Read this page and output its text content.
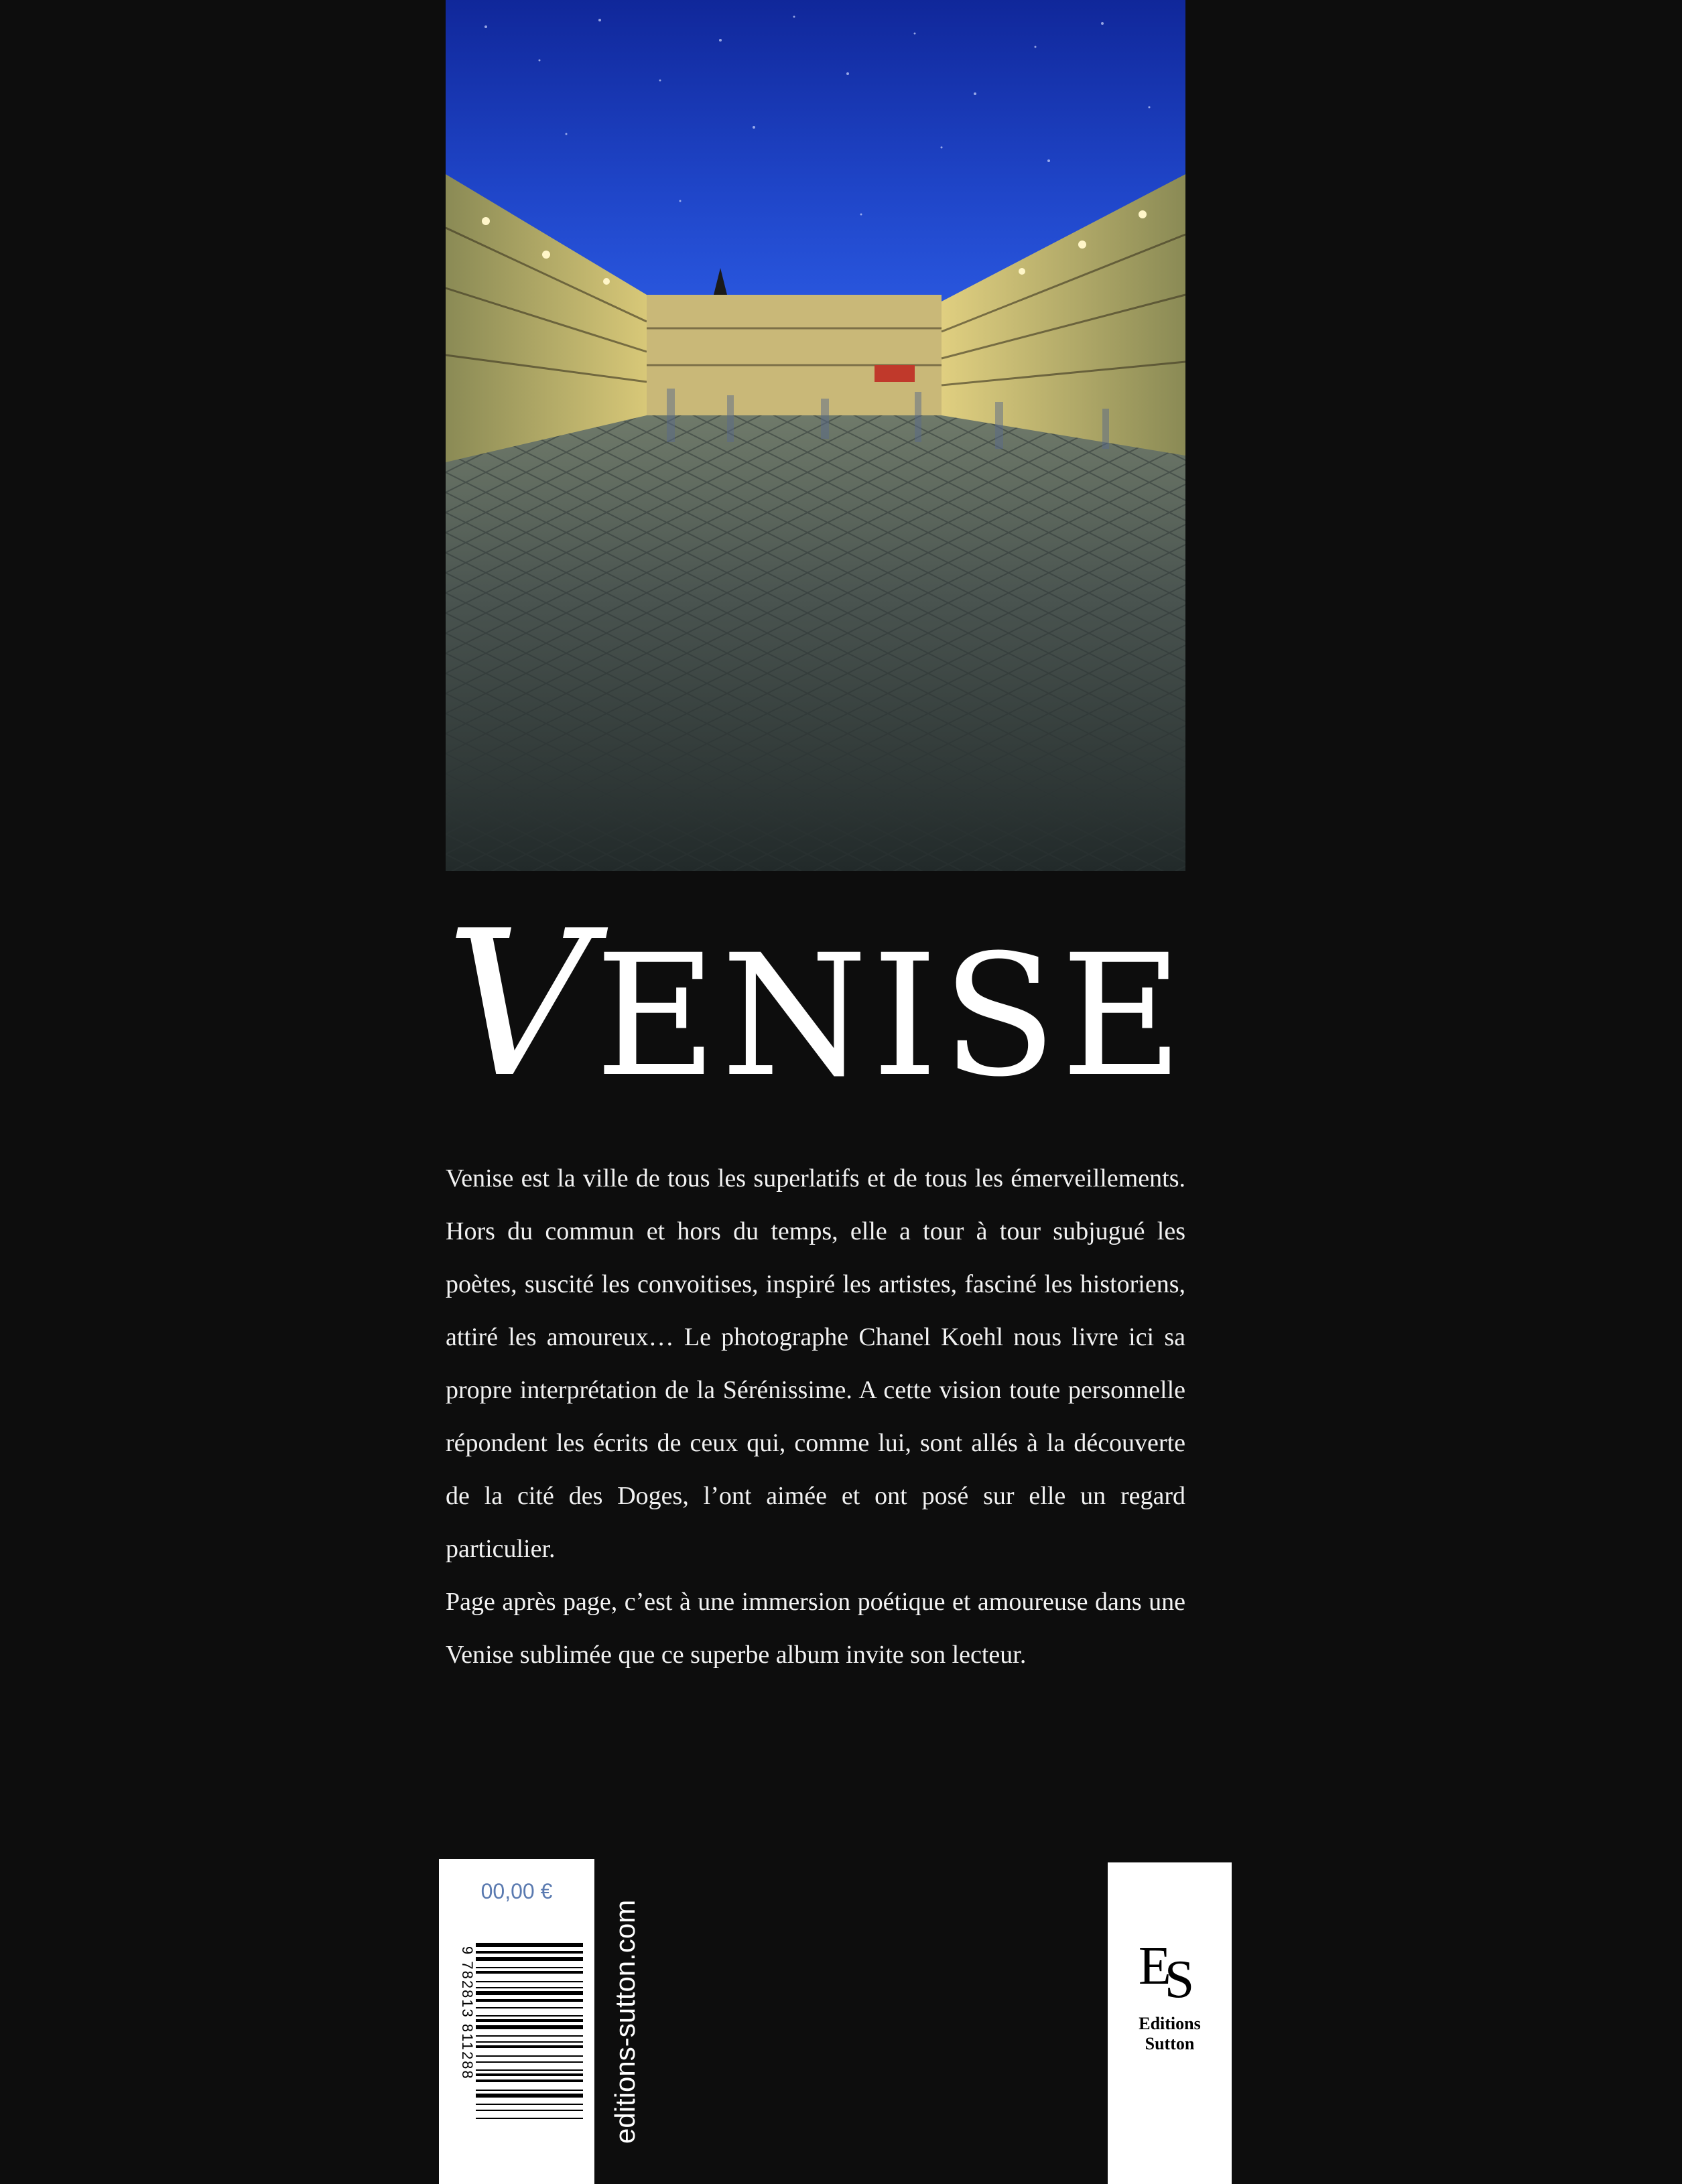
VENISE

Venise est la ville de tous les superlatifs et de tous les émerveillements. Hors du commun et hors du temps, elle a tour à tour subjugué les poètes, suscité les convoitises, inspiré les artistes, fasciné les historiens, attiré les amoureux… Le photographe Chanel Koehl nous livre ici sa propre interprétation de la Sérénissime. A cette vision toute personnelle répondent les écrits de ceux qui, comme lui, sont allés à la découverte de la cité des Doges, l’ont aimée et ont posé sur elle un regard particulier.

Page après page, c’est à une immersion poétique et amoureuse dans une Venise sublimée que ce superbe album invite son lecteur.

00,00 €
9 782813 811288	editions-sutton.com	ES
Editions
Sutton
